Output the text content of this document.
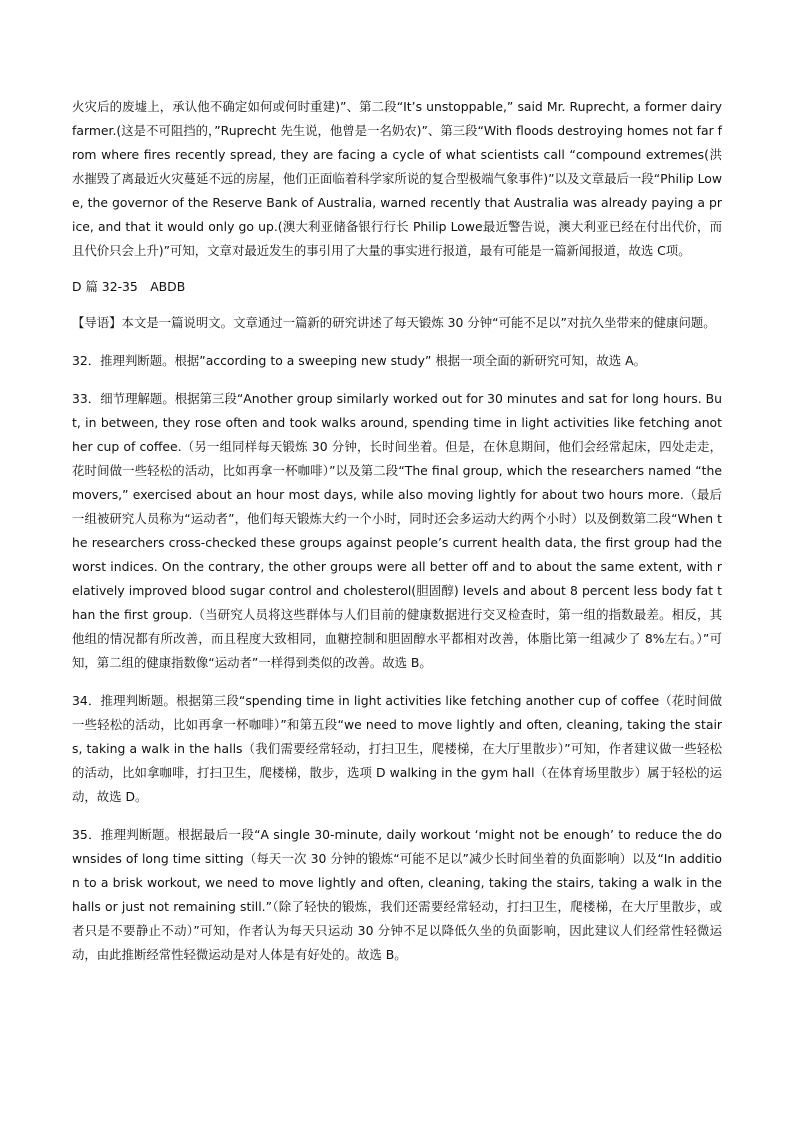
火灾后的废墟上，承认他不确定如何或何时重建)”、第二段“It’s unstoppable,” said Mr. Ruprecht, a former dairy farmer.(这是不可阻挡的，”Ruprecht 先生说，他曾是一名奶农)”、第三段“With floods destroying homes not far from where fires recently spread, they are facing a cycle of what scientists call “compound extremes(洪水摧毁了离最近火灾蔓延不远的房屋，他们正面临着科学家所说的复合型极端气象事件)”以及文章最后一段“Philip Lowe, the governor of the Reserve Bank of Australia, warned recently that Australia was already paying a price, and that it would only go up.(澳大利亚储备银行行长 Philip Lowe最近警告说，澳大利亚已经在付出代价，而且代价只会上升)”可知，文章对最近发生的事引用了大量的事实进行报道，最有可能是一篇新闻报道，故选 C项。

D 篇 32-35　ABDB

【导语】本文是一篇说明文。文章通过一篇新的研究讲述了每天锻炼 30 分钟“可能不足以”对抗久坐带来的健康问题。

32．推理判断题。根据”according to a sweeping new study” 根据一项全面的新研究可知，故选 A。

33．细节理解题。根据第三段“Another group similarly worked out for 30 minutes and sat for long hours. But, in between, they rose often and took walks around, spending time in light activities like fetching another cup of coffee.（另一组同样每天锻炼 30 分钟，长时间坐着。但是，在休息期间，他们会经常起床，四处走走，花时间做一些轻松的活动，比如再拿一杯咖啡）”以及第二段“The final group, which the researchers named “the movers,” exercised about an hour most days, while also moving lightly for about two hours more.（最后一组被研究人员称为“运动者”，他们每天锻炼大约一个小时，同时还会多运动大约两个小时）以及倒数第二段“When the researchers cross-checked these groups against people’s current health data, the first group had the worst indices. On the contrary, the other groups were all better off and to about the same extent, with relatively improved blood sugar control and cholesterol(胆固醇) levels and about 8 percent less body fat than the first group.（当研究人员将这些群体与人们目前的健康数据进行交叉检查时，第一组的指数最差。相反，其他组的情况都有所改善，而且程度大致相同，血糖控制和胆固醇水平都相对改善，体脂比第一组减少了 8%左右。）”可知，第二组的健康指数像“运动者”一样得到类似的改善。故选 B。

34．推理判断题。根据第三段“spending time in light activities like fetching another cup of coffee（花时间做一些轻松的活动，比如再拿一杯咖啡）”和第五段“we need to move lightly and often, cleaning, taking the stairs, taking a walk in the halls（我们需要经常轻动，打扫卫生，爬楼梯，在大厅里散步）”可知，作者建议做一些轻松的活动，比如拿咖啡，打扫卫生，爬楼梯，散步，选项 D walking in the gym hall（在体育场里散步）属于轻松的运动，故选 D。

35．推理判断题。根据最后一段“A single 30-minute, daily workout ‘might not be enough’ to reduce the downsides of long time sitting（每天一次 30 分钟的锻炼“可能不足以”减少长时间坐着的负面影响）以及“In addition to a brisk workout, we need to move lightly and often, cleaning, taking the stairs, taking a walk in the halls or just not remaining still.”（除了轻快的锻炼，我们还需要经常轻动，打扫卫生，爬楼梯，在大厅里散步，或者只是不要静止不动）”可知，作者认为每天只运动 30 分钟不足以降低久坐的负面影响，因此建议人们经常性轻微运动，由此推断经常性轻微运动是对人体是有好处的。故选 B。
